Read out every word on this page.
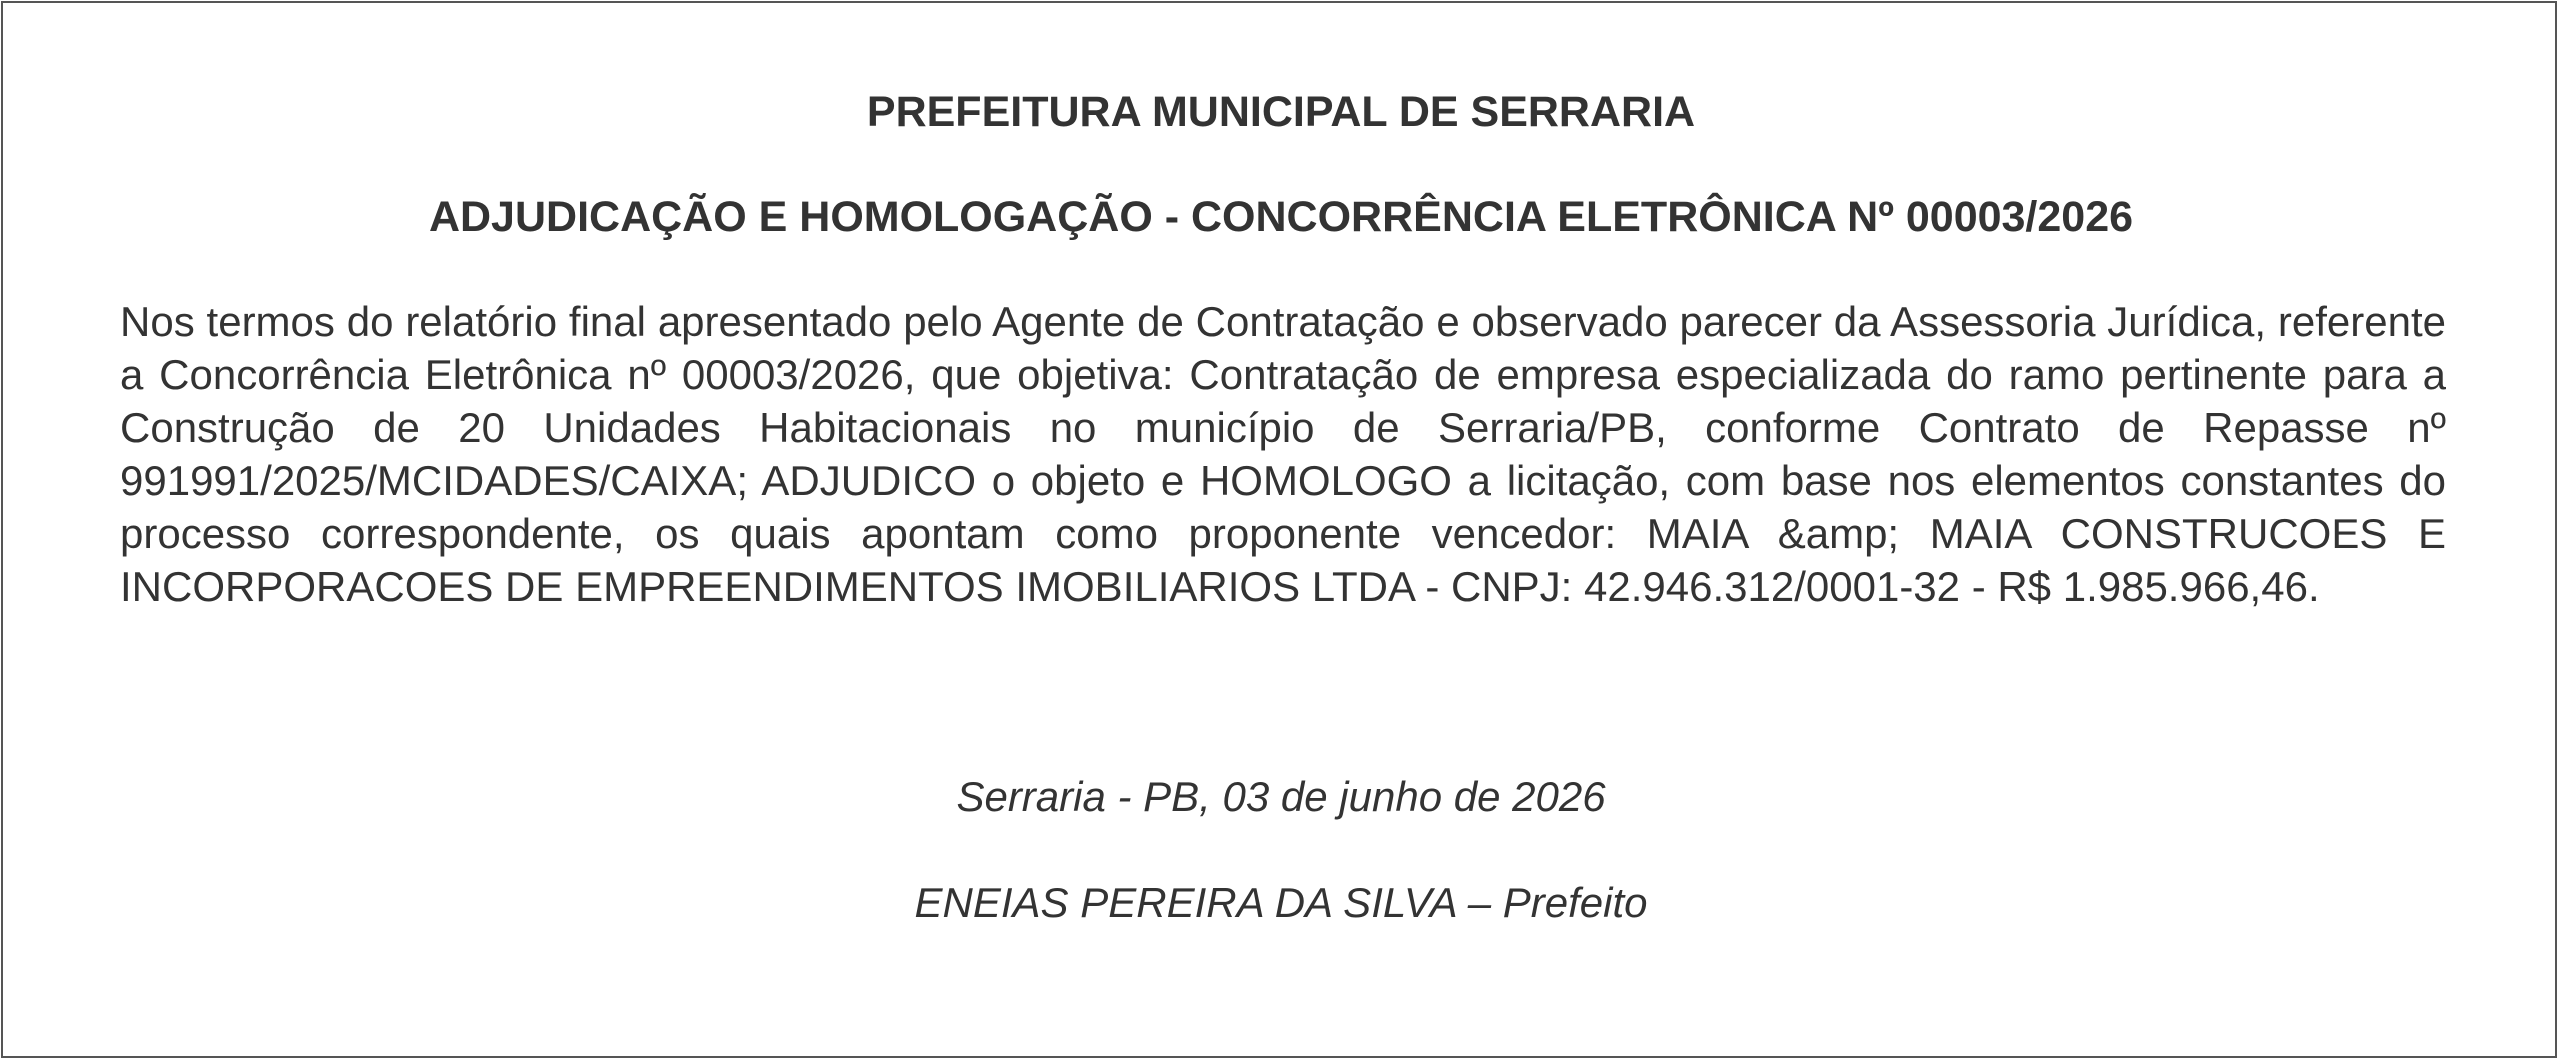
PREFEITURA MUNICIPAL DE SERRARIA
ADJUDICAÇÃO E HOMOLOGAÇÃO - CONCORRÊNCIA ELETRÔNICA Nº 00003/2026

Nos termos do relatório final apresentado pelo Agente de Contratação e observado parecer da Assessoria Jurídica, referente a Concorrência Eletrônica nº 00003/2026, que objetiva: Contratação de empresa especializada do ramo pertinente para a Construção de 20 Unidades Habitacionais no município de Serraria/PB, conforme Contrato de Repasse nº 991991/2025/MCIDADES/CAIXA; ADJUDICO o objeto e HOMOLOGO a licitação, com base nos elementos constantes do processo correspondente, os quais apontam como proponente vencedor: MAIA &amp; MAIA CONSTRUCOES E INCORPORACOES DE EMPREENDIMENTOS IMOBILIARIOS LTDA - CNPJ: 42.946.312/0001-32 - R$ 1.985.966,46.

Serraria - PB, 03 de junho de 2026

ENEIAS PEREIRA DA SILVA – Prefeito
